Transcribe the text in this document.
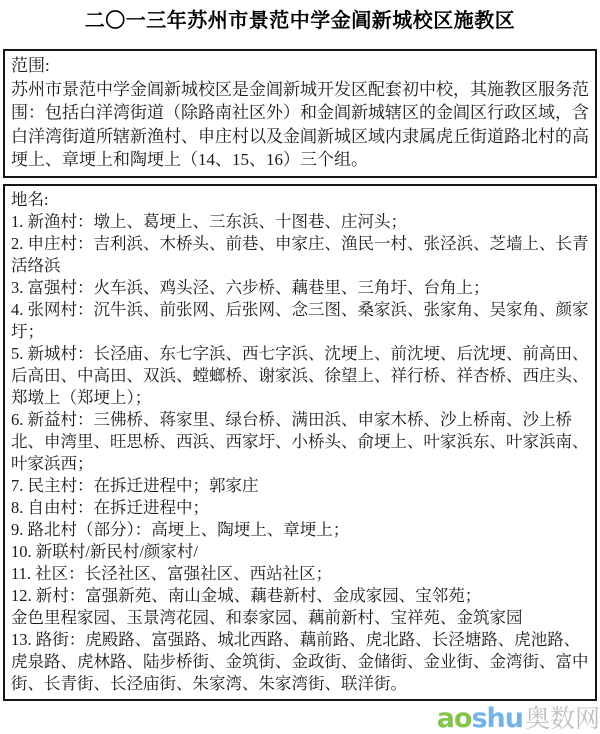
二〇一三年苏州市景范中学金阊新城校区施教区
范围:

苏州市景范中学金阊新城校区是金阊新城开发区配套初中校，其施教区服务范围：包括白洋湾街道（除路南社区外）和金阊新城辖区的金阊区行政区域，含白洋湾街道所辖新渔村、申庄村以及金阊新城区域内隶属虎丘街道路北村的高埂上、章埂上和陶埂上（14、15、16）三个组。

地名:

1. 新渔村：墩上、葛埂上、三东浜、十图巷、庄河头；

2. 申庄村：吉利浜、木桥头、前巷、申家庄、渔民一村、张泾浜、芝墙上、长青活络浜

3. 富强村：火车浜、鸡头泾、六步桥、藕巷里、三角圩、台角上；

4. 张网村：沉牛浜、前张网、后张网、念三图、桑家浜、张家角、吴家角、颜家圩；

5. 新城村：长泾庙、东七字浜、西七字浜、沈埂上、前沈埂、后沈埂、前高田、后高田、中高田、双浜、螳螂桥、谢家浜、徐望上、祥行桥、祥杏桥、西庄头、郑墩上（郑埂上）；

6. 新益村：三佛桥、蒋家里、绿台桥、满田浜、申家木桥、沙上桥南、沙上桥北、申湾里、旺思桥、西浜、西家圩、小桥头、俞埂上、叶家浜东、叶家浜南、叶家浜西；

7. 民主村：在拆迁进程中；郭家庄

8. 自由村：在拆迁进程中；

9. 路北村（部分）：高埂上、陶埂上、章埂上；

10. 新联村/新民村/颜家村/

11. 社区：长泾社区、富强社区、西站社区；

12. 新村：富强新苑、南山金城、藕巷新村、金成家园、宝邻苑；

金色里程家园、玉景湾花园、和泰家园、藕前新村、宝祥苑、金筑家园

13. 路街：虎殿路、富强路、城北西路、藕前路、虎北路、长泾塘路、虎池路、虎泉路、虎林路、陆步桥街、金筑街、金政街、金储街、金业街、金湾街、富中街、长青街、长泾庙街、朱家湾、朱家湾街、联洋街。

aoshu 奥数网
